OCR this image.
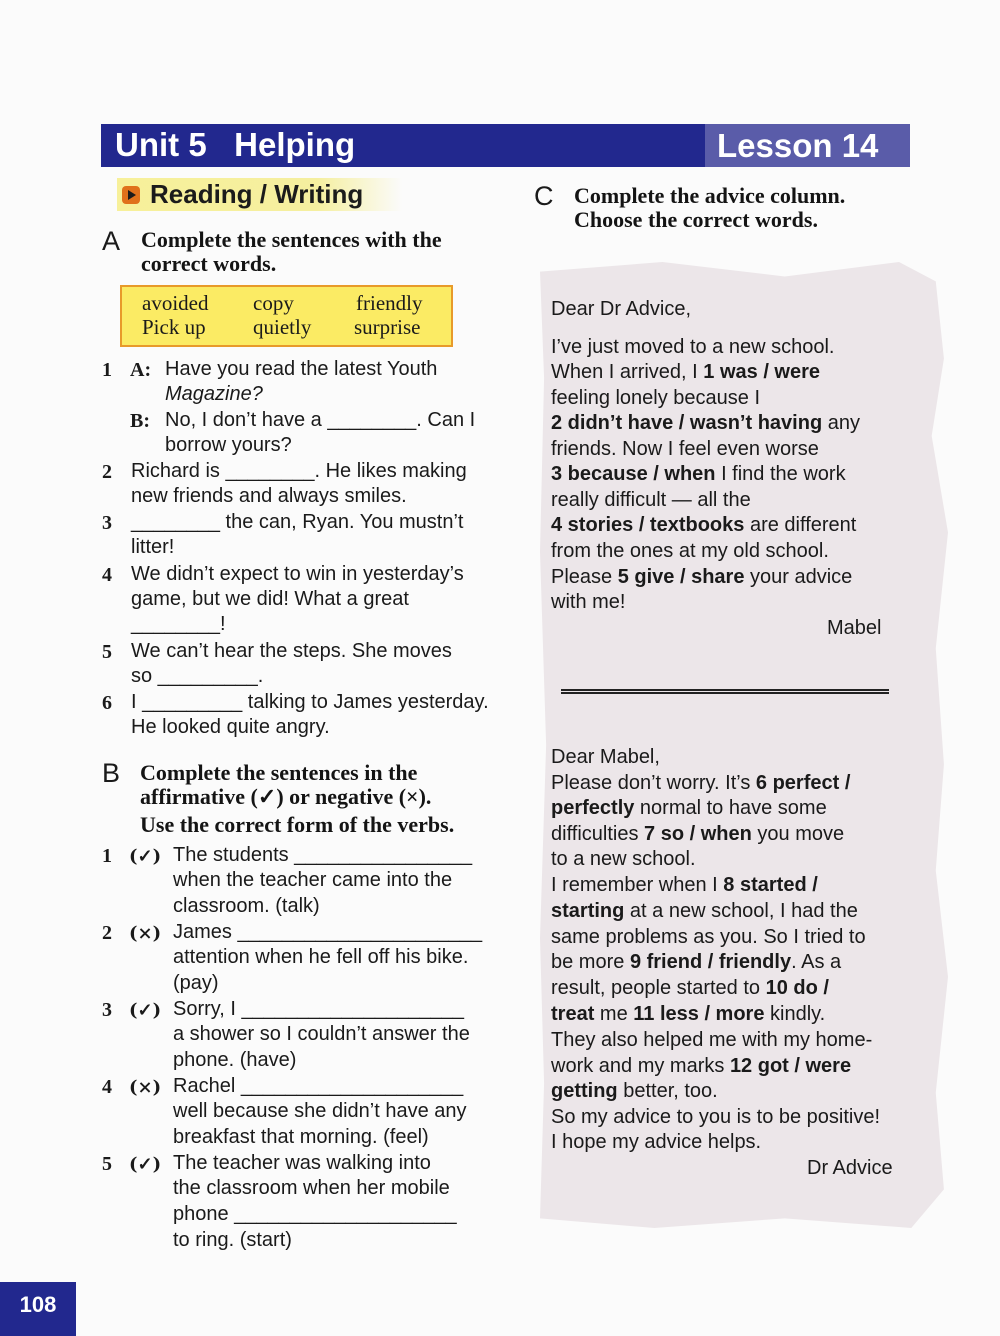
Unit 5   Helping	Lesson 14
Reading / Writing
A Complete the sentences with the
correct words.
avoided copy	friendly
Pick up quietly surprise
1 A: Have you read the latest Youth
Magazine?
B: No, I don’t have a ________. Can I
borrow yours?
2 Richard is ________. He likes making
new friends and always smiles.
3 ________ the can, Ryan. You mustn’t
litter!
4 We didn’t expect to win in yesterday’s
game, but we did! What a great
________!
5 We can’t hear the steps. She moves
so _________.
6 I _________ talking to James yesterday.
He looked quite angry.
B Complete the sentences in the
affirmative (✓) or negative (×).
Use the correct form of the verbs.
1 (✓) The students ________________
when the teacher came into the
classroom. (talk)
2 (×) James ______________________
attention when he fell off his bike.
(pay)
3 (✓) Sorry, I ____________________
a shower so I couldn’t answer the
phone. (have)
4 (×) Rachel ____________________
well because she didn’t have any
breakfast that morning. (feel)
5 (✓) The teacher was walking into
the classroom when her mobile
phone ____________________
to ring. (start)
C Complete the advice column.
Choose the correct words.
Dear Dr Advice,
I’ve just moved to a new school.
When I arrived, I 1 was / were
feeling lonely because I
2 didn’t have / wasn’t having any
friends. Now I feel even worse
3 because / when I find the work
really difficult — all the
4 stories / textbooks are different
from the ones at my old school.
Please 5 give / share your advice
with me!
Mabel
Dear Mabel,
Please don’t worry. It’s 6 perfect /
perfectly normal to have some
difficulties 7 so / when you move
to a new school.
I remember when I 8 started /
starting at a new school, I had the
same problems as you. So I tried to
be more 9 friend / friendly. As a
result, people started to 10 do /
treat me 11 less / more kindly.
They also helped me with my home-
work and my marks 12 got / were
getting better, too.
So my advice to you is to be positive!
I hope my advice helps.
Dr Advice
108
